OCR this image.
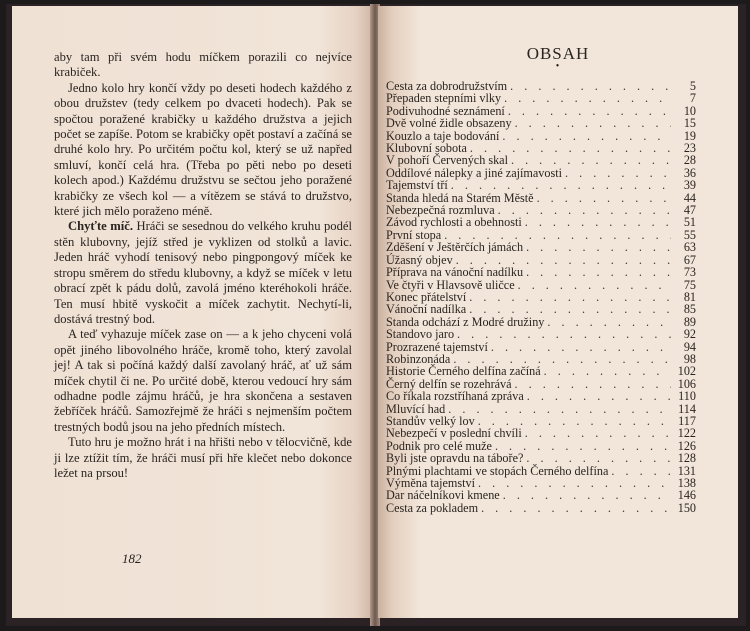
aby tam při svém hodu míčkem porazili co nejvíce krabiček.

Jedno kolo hry končí vždy po deseti hodech každého z obou družstev (tedy celkem po dvaceti hodech). Pak se spočtou poražené krabičky u každého družstva a jejich počet se zapíše. Potom se krabičky opět postaví a začíná se druhé kolo hry. Po určitém počtu kol, který se už napřed smluví, končí celá hra. (Třeba po pěti nebo po deseti kolech apod.) Každému družstvu se sečtou jeho poražené krabičky ze všech kol — a vítězem se stává to družstvo, které jich mělo poraženo méně.

Chyťte míč. Hráči se sesednou do velkého kruhu podél stěn klubovny, jejíž střed je vyklizen od stolků a lavic. Jeden hráč vyhodí tenisový nebo pingpongový míček ke stropu směrem do středu klubovny, a když se míček v letu obrací zpět k pádu dolů, zavolá jméno kteréhokoli hráče. Ten musí hbitě vyskočit a míček zachytit. Nechytí-li, dostává trestný bod.

A teď vyhazuje míček zase on — a k jeho chyceni volá opět jiného libovolného hráče, kromě toho, který zavolal jej! A tak si počíná každý další zavolaný hráč, ať už sám míček chytil či ne. Po určité době, kterou vedoucí hry sám odhadne podle zájmu hráčů, je hra skončena a sestaven žebříček hráčů. Samozřejmě že hráči s nejmenším počtem trestných bodů jsou na jeho předních místech.

Tuto hru je možno hrát i na hřišti nebo v tělocvičně, kde ji lze ztížit tím, že hráči musí při hře klečet nebo dokonce ležet na prsou!

182
OBSAH
•
Cesta za dobrodružstvím . . .	5
Přepaden stepními vlky . . .	7
Podivuhodné seznámení . . .	10
Dvě volné židle obsazeny . . .	15
Kouzlo a taje bodování . . .	19
Klubovní sobota . . .	23
V pohoří Červených skal . . .	28
Oddílové nálepky a jiné zajímavosti . . .	36
Tajemství tří . . .	39
Standa hledá na Starém Městě . . .	44
Nebezpečná rozmluva . . .	47
Závod rychlosti a obehnosti . . .	51
První stopa . . .	55
Zděšení v Ještěrčích jámách . . .	63
Úžasný objev . . .	67
Příprava na vánoční nadílku . . .	73
Ve čtyři v Hlavsově uličce . . .	75
Konec přátelství . . .	81
Vánoční nadílka . . .	85
Standa odchází z Modré družiny . . .	89
Standovo jaro . . .	92
Prozrazené tajemství . . .	94
Robinzonáda . . .	98
Historie Černého delfína začíná . . .	102
Černý delfín se rozehrává . . .	106
Co říkala rozstříhaná zpráva . . .	110
Mluvící had . . .	114
Standův velký lov . . .	117
Nebezpečí v poslední chvíli . . .	122
Podnik pro celé muže . . .	126
Byli jste opravdu na táboře? . . .	128
Plnými plachtami ve stopách Černého delfína . . .	131
Výměna tajemství . . .	138
Dar náčelníkovi kmene . . .	146
Cesta za pokladem . . .	150
